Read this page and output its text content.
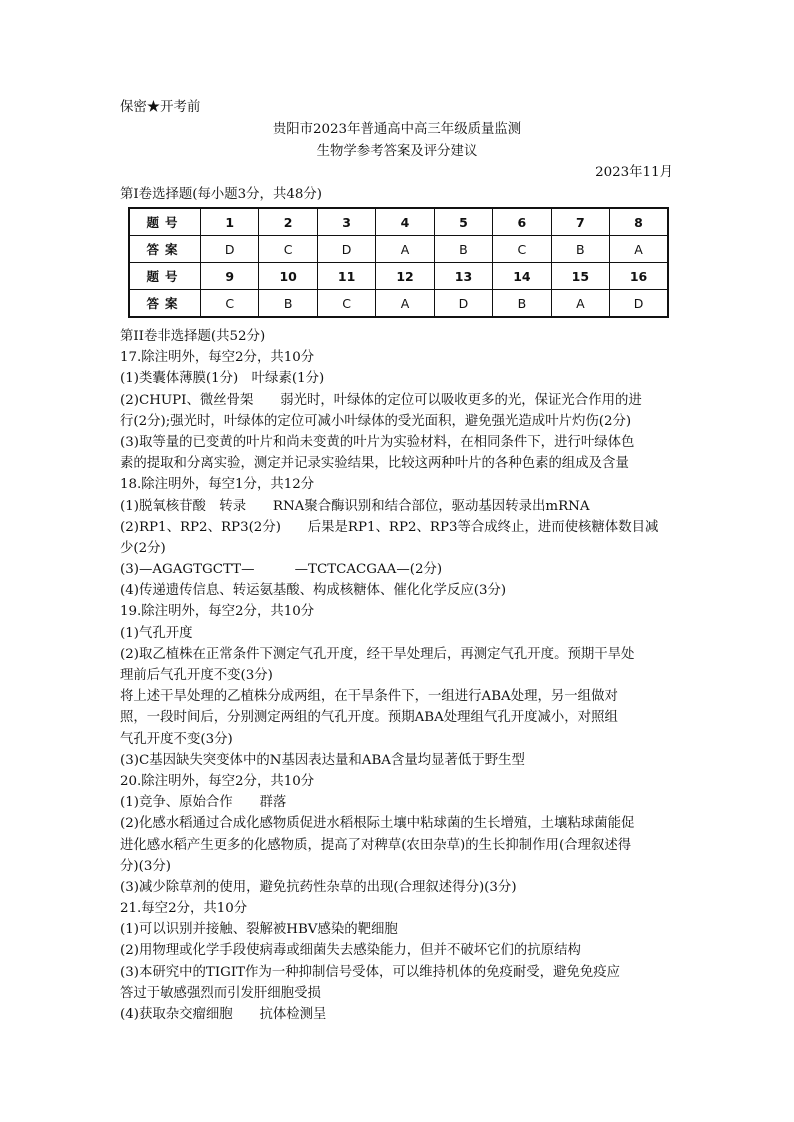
保密★开考前
贵阳市2023年普通高中高三年级质量监测
生物学参考答案及评分建议
2023年11月
第I卷选择题(每小题3分，共48分)
题号	1	2	3	4	5	6	7	8
答案	D	C	D	A	B	C	B	A
题号	9	10	11	12	13	14	15	16
答案	C	B	C	A	D	B	A	D
第II卷非选择题(共52分)
17.除注明外，每空2分，共10分
(1)类囊体薄膜(1分)　叶绿素(1分)
(2)CHUPI、微丝骨架　　弱光时，叶绿体的定位可以吸收更多的光，保证光合作用的进
行(2分);强光时，叶绿体的定位可减小叶绿体的受光面积，避免强光造成叶片灼伤(2分)
(3)取等量的已变黄的叶片和尚未变黄的叶片为实验材料，在相同条件下，进行叶绿体色
素的提取和分离实验，测定并记录实验结果，比较这两种叶片的各种色素的组成及含量
18.除注明外，每空1分，共12分
(1)脱氧核苷酸　转录　　RNA聚合酶识别和结合部位，驱动基因转录出mRNA
(2)RP1、RP2、RP3(2分)　　后果是RP1、RP2、RP3等合成终止，进而使核糖体数目减
少(2分)
(3)—AGAGTGCTT—　　　—TCTCACGAA—(2分)
(4)传递遗传信息、转运氨基酸、构成核糖体、催化化学反应(3分)
19.除注明外，每空2分，共10分
(1)气孔开度
(2)取乙植株在正常条件下测定气孔开度，经干旱处理后，再测定气孔开度。预期干旱处
理前后气孔开度不变(3分)
将上述干旱处理的乙植株分成两组，在干旱条件下，一组进行ABA处理，另一组做对
照，一段时间后，分别测定两组的气孔开度。预期ABA处理组气孔开度减小，对照组
气孔开度不变(3分)
(3)C基因缺失突变体中的N基因表达量和ABA含量均显著低于野生型
20.除注明外，每空2分，共10分
(1)竞争、原始合作　　群落
(2)化感水稻通过合成化感物质促进水稻根际土壤中粘球菌的生长增殖，土壤粘球菌能促
进化感水稻产生更多的化感物质，提高了对稗草(农田杂草)的生长抑制作用(合理叙述得
分)(3分)
(3)减少除草剂的使用，避免抗药性杂草的出现(合理叙述得分)(3分)
21.每空2分，共10分
(1)可以识别并接触、裂解被HBV感染的靶细胞
(2)用物理或化学手段使病毒或细菌失去感染能力，但并不破坏它们的抗原结构
(3)本研究中的TIGIT作为一种抑制信号受体，可以维持机体的免疫耐受，避免免疫应
答过于敏感强烈而引发肝细胞受损
(4)获取杂交瘤细胞　　抗体检测呈
